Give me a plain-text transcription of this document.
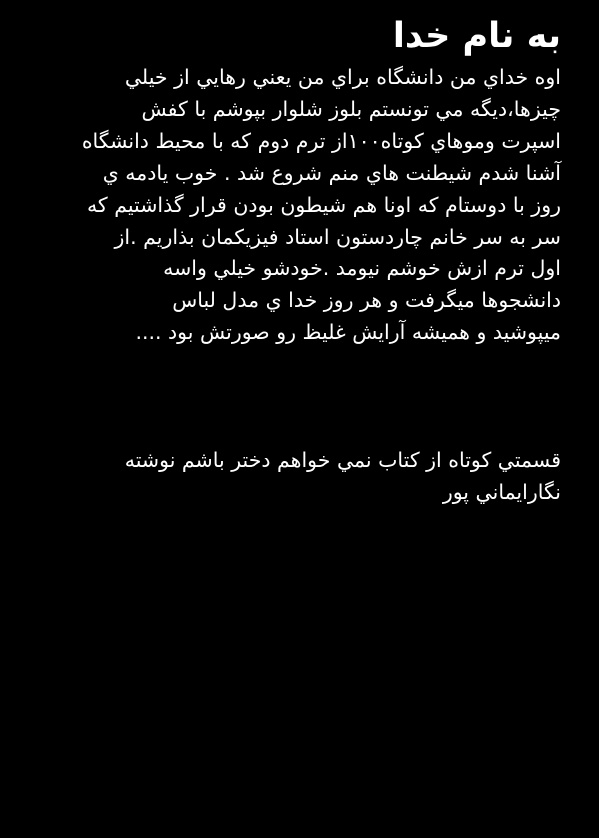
به نام خدا
اوه خداي من دانشگاه براي من يعني رهايي از خيلي
چيزها،ديگه مي تونستم بلوز شلوار بپوشم با كفش
اسپرت وموهاي كوتاه۱۰۰از ترم دوم كه با محيط دانشگاه
آشنا شدم شيطنت هاي منم شروع شد . خوب يادمه ي
روز با دوستام كه اونا هم شيطون بودن قرار گذاشتيم كه
سر به سر خانم چاردستون استاد فيزيكمان بذاريم .از
اول ترم ازش خوشم نيومد .خودشو خيلي واسه
دانشجوها ميگرفت و هر روز خدا ي مدل لباس
ميپوشيد و هميشه آرايش غليظ رو صورتش بود ....
قسمتي كوتاه از كتاب نمي خواهم دختر باشم نوشته
نگارايماني پور
